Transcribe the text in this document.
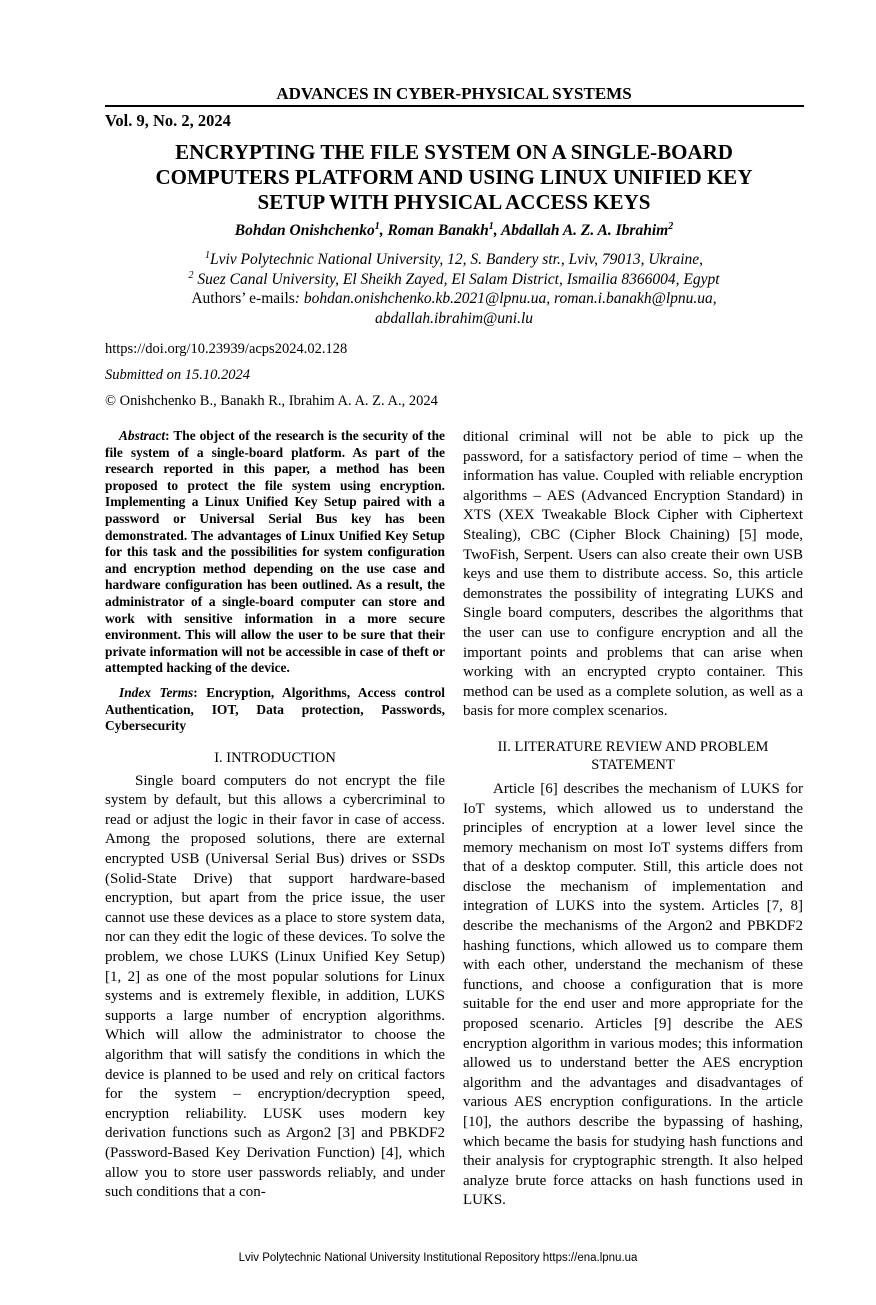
ADVANCES IN CYBER-PHYSICAL SYSTEMS
Vol. 9, No. 2, 2024
ENCRYPTING THE FILE SYSTEM ON A SINGLE-BOARD COMPUTERS PLATFORM AND USING LINUX UNIFIED KEY SETUP WITH PHYSICAL ACCESS KEYS
Bohdan Onishchenko$^1$, Roman Banakh$^1$, Abdallah A. Z. A. Ibrahim$^2$
$^1$Lviv Polytechnic National University, 12, S. Bandery str., Lviv, 79013, Ukraine,
$^2$ Suez Canal University, El Sheikh Zayed, El Salam District, Ismailia 8366004, Egypt
Authors’ e-mails: bohdan.onishchenko.kb.2021@lpnu.ua, roman.i.banakh@lpnu.ua, abdallah.ibrahim@uni.lu
https://doi.org/10.23939/acps2024.02.128
Submitted on 15.10.2024
© Onishchenko B., Banakh R., Ibrahim A. A. Z. A., 2024

Abstract: The object of the research is the security of the file system of a single-board platform. As part of the research reported in this paper, a method has been proposed to protect the file system using encryption. Implementing a Linux Unified Key Setup paired with a password or Universal Serial Bus key has been demonstrated. The advantages of Linux Unified Key Setup for this task and the possibilities for system configuration and encryption method depending on the use case and hardware configuration has been outlined. As a result, the administrator of a single-board computer can store and work with sensitive information in a more secure environment. This will allow the user to be sure that their private information will not be accessible in case of theft or attempted hacking of the device.

Index Terms: Encryption, Algorithms, Access control Authentication, IOT, Data protection, Passwords, Cybersecurity

I. INTRODUCTION

Single board computers do not encrypt the file system by default, but this allows a cybercriminal to read or adjust the logic in their favor in case of access. Among the proposed solutions, there are external encrypted USB (Universal Serial Bus) drives or SSDs (Solid-State Drive) that support hardware-based encryption, but apart from the price issue, the user cannot use these devices as a place to store system data, nor can they edit the logic of these devices. To solve the problem, we chose LUKS (Linux Unified Key Setup) [1, 2] as one of the most popular solutions for Linux systems and is extremely flexible, in addition, LUKS supports a large number of encryption algorithms. Which will allow the administrator to choose the algorithm that will satisfy the conditions in which the device is planned to be used and rely on critical factors for the system – encryption/decryption speed, encryption reliability. LUSK uses modern key derivation functions such as Argon2 [3] and PBKDF2 (Password-Based Key Derivation Function) [4], which allow you to store user passwords reliably, and under such conditions that a con-

ditional criminal will not be able to pick up the password, for a satisfactory period of time – when the information has value. Coupled with reliable encryption algorithms – AES (Advanced Encryption Standard) in XTS (XEX Tweakable Block Cipher with Ciphertext Stealing), CBC (Cipher Block Chaining) [5] mode, TwoFish, Serpent. Users can also create their own USB keys and use them to distribute access. So, this article demonstrates the possibility of integrating LUKS and Single board computers, describes the algorithms that the user can use to configure encryption and all the important points and problems that can arise when working with an encrypted crypto container. This method can be used as a complete solution, as well as a basis for more complex scenarios.

II. LITERATURE REVIEW AND PROBLEM STATEMENT

Article [6] describes the mechanism of LUKS for IoT systems, which allowed us to understand the principles of encryption at a lower level since the memory mechanism on most IoT systems differs from that of a desktop computer. Still, this article does not disclose the mechanism of implementation and integration of LUKS into the system. Articles [7, 8] describe the mechanisms of the Argon2 and PBKDF2 hashing functions, which allowed us to compare them with each other, understand the mechanism of these functions, and choose a configuration that is more suitable for the end user and more appropriate for the proposed scenario. Articles [9] describe the AES encryption algorithm in various modes; this information allowed us to understand better the AES encryption algorithm and the advantages and disadvantages of various AES encryption configurations. In the article [10], the authors describe the bypassing of hashing, which became the basis for studying hash functions and their analysis for cryptographic strength. It also helped analyze brute force attacks on hash functions used in LUKS.

Lviv Polytechnic National University Institutional Repository https://ena.lpnu.ua
